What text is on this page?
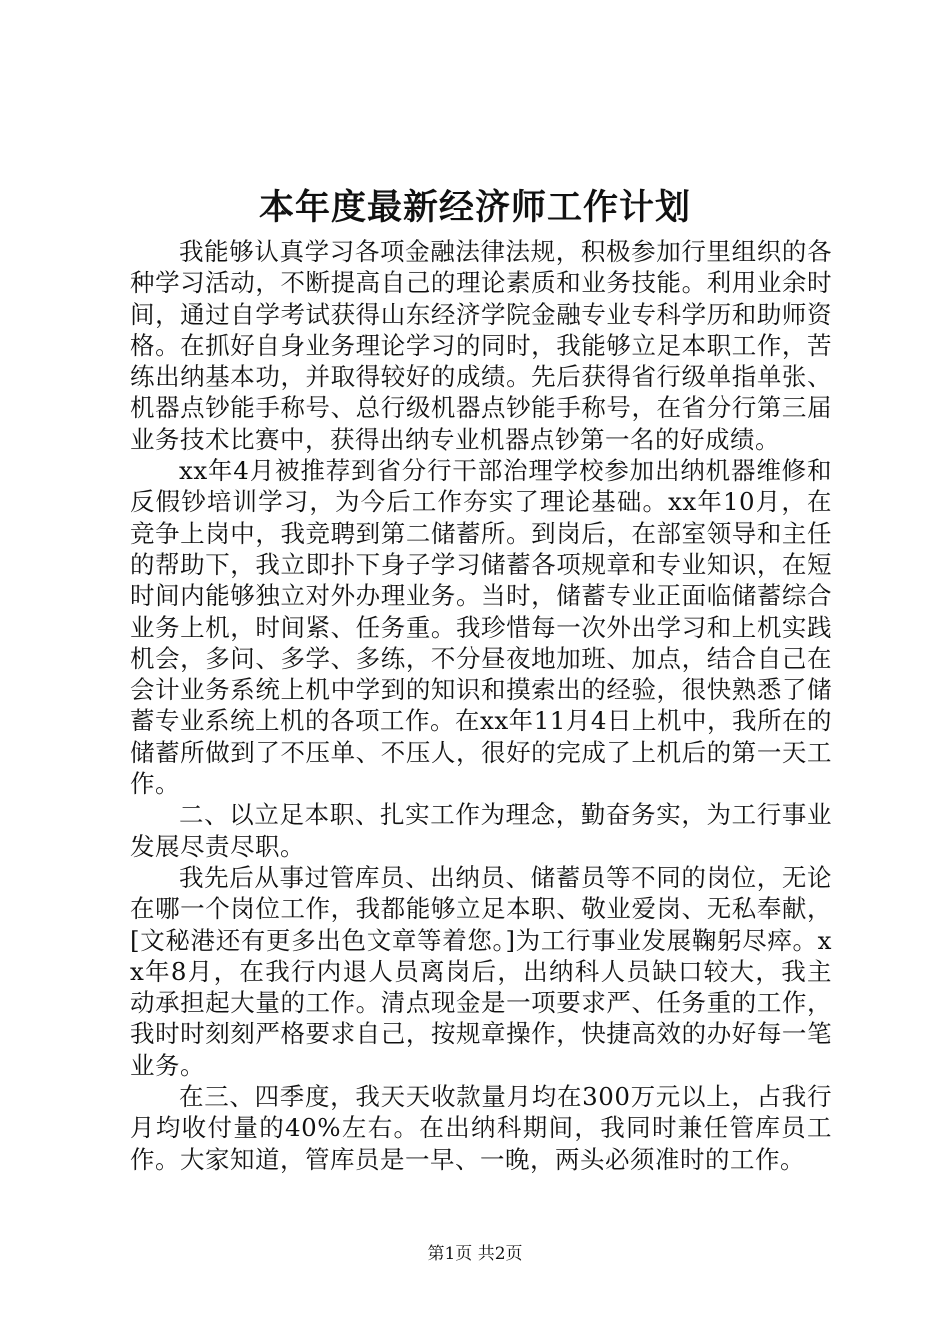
本年度最新经济师工作计划

我能够认真学习各项金融法律法规，积极参加行里组织的各种学习活动，不断提高自己的理论素质和业务技能。利用业余时间，通过自学考试获得山东经济学院金融专业专科学历和助师资格。在抓好自身业务理论学习的同时，我能够立足本职工作，苦练出纳基本功，并取得较好的成绩。先后获得省行级单指单张、机器点钞能手称号、总行级机器点钞能手称号，在省分行第三届业务技术比赛中，获得出纳专业机器点钞第一名的好成绩。

xx年4月被推荐到省分行干部治理学校参加出纳机器维修和反假钞培训学习，为今后工作夯实了理论基础。xx年10月，在竞争上岗中，我竞聘到第二储蓄所。到岗后，在部室领导和主任的帮助下，我立即扑下身子学习储蓄各项规章和专业知识，在短时间内能够独立对外办理业务。当时，储蓄专业正面临储蓄综合业务上机，时间紧、任务重。我珍惜每一次外出学习和上机实践机会，多问、多学、多练，不分昼夜地加班、加点，结合自己在会计业务系统上机中学到的知识和摸索出的经验，很快熟悉了储蓄专业系统上机的各项工作。在xx年11月4日上机中，我所在的储蓄所做到了不压单、不压人，很好的完成了上机后的第一天工作。

二、以立足本职、扎实工作为理念，勤奋务实，为工行事业发展尽责尽职。

我先后从事过管库员、出纳员、储蓄员等不同的岗位，无论在哪一个岗位工作，我都能够立足本职、敬业爱岗、无私奉献，[文秘港还有更多出色文章等着您。]为工行事业发展鞠躬尽瘁。xx年8月，在我行内退人员离岗后，出纳科人员缺口较大，我主动承担起大量的工作。清点现金是一项要求严、任务重的工作，我时时刻刻严格要求自己，按规章操作，快捷高效的办好每一笔业务。

在三、四季度，我天天收款量月均在300万元以上，占我行月均收付量的40%左右。在出纳科期间，我同时兼任管库员工作。大家知道，管库员是一早、一晚，两头必须准时的工作。

第1页 共2页
